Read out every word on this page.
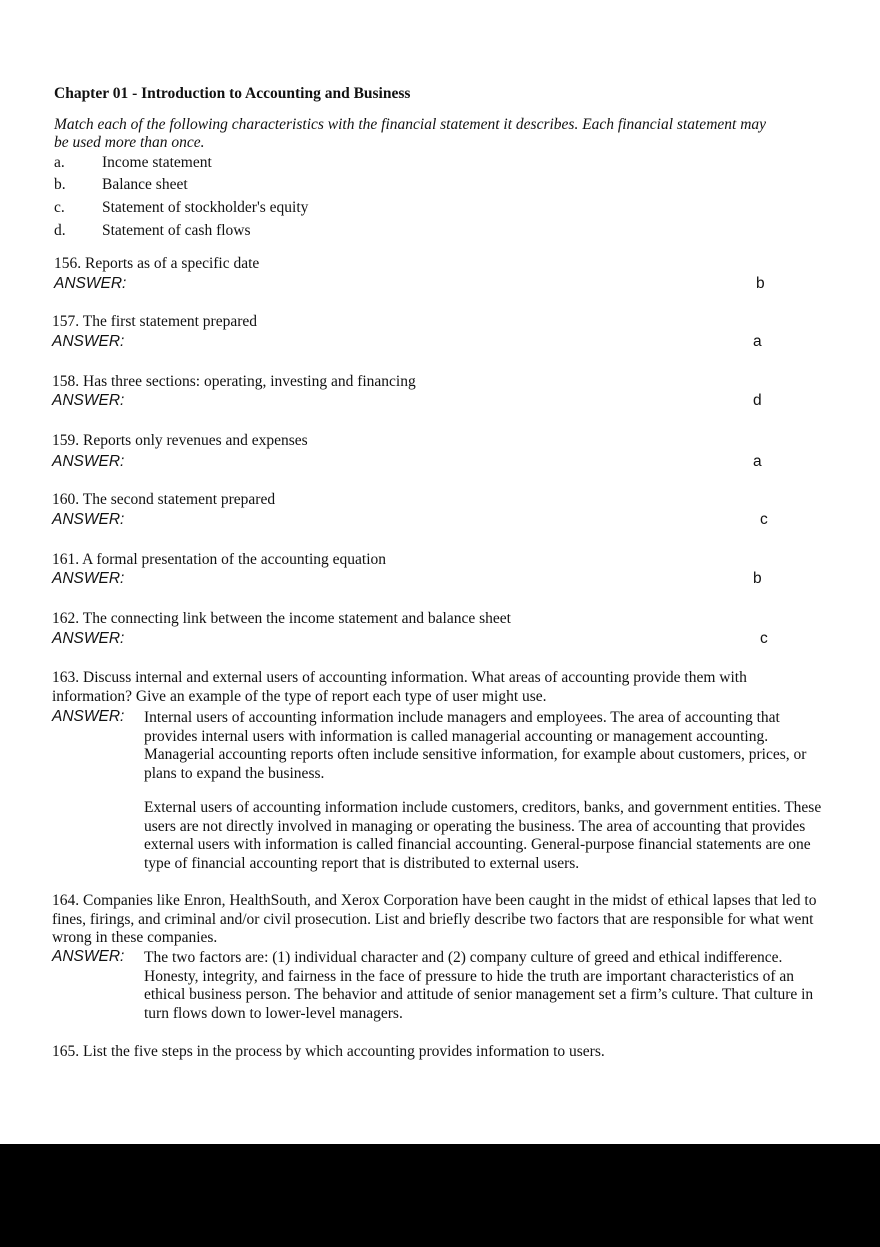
Chapter 01 - Introduction to Accounting and Business
Match each of the following characteristics with the financial statement it describes. Each financial statement may be used more than once.
a. Income statement
b. Balance sheet
c. Statement of stockholder's equity
d. Statement of cash flows
156. Reports as of a specific date
ANSWER:	b
157. The first statement prepared
ANSWER:	a
158. Has three sections: operating, investing and financing
ANSWER:	d
159. Reports only revenues and expenses
ANSWER:	a
160. The second statement prepared
ANSWER:	c
161. A formal presentation of the accounting equation
ANSWER:	b
162. The connecting link between the income statement and balance sheet
ANSWER:	c
163. Discuss internal and external users of accounting information. What areas of accounting provide them with information? Give an example of the type of report each type of user might use.
ANSWER: Internal users of accounting information include managers and employees. The area of accounting that provides internal users with information is called managerial accounting or management accounting. Managerial accounting reports often include sensitive information, for example about customers, prices, or plans to expand the business.
External users of accounting information include customers, creditors, banks, and government entities. These users are not directly involved in managing or operating the business. The area of accounting that provides external users with information is called financial accounting. General-purpose financial statements are one type of financial accounting report that is distributed to external users.
164. Companies like Enron, HealthSouth, and Xerox Corporation have been caught in the midst of ethical lapses that led to fines, firings, and criminal and/or civil prosecution. List and briefly describe two factors that are responsible for what went wrong in these companies.
ANSWER: The two factors are: (1) individual character and (2) company culture of greed and ethical indifference. Honesty, integrity, and fairness in the face of pressure to hide the truth are important characteristics of an ethical business person. The behavior and attitude of senior management set a firm’s culture. That culture in turn flows down to lower-level managers.
165. List the five steps in the process by which accounting provides information to users.
